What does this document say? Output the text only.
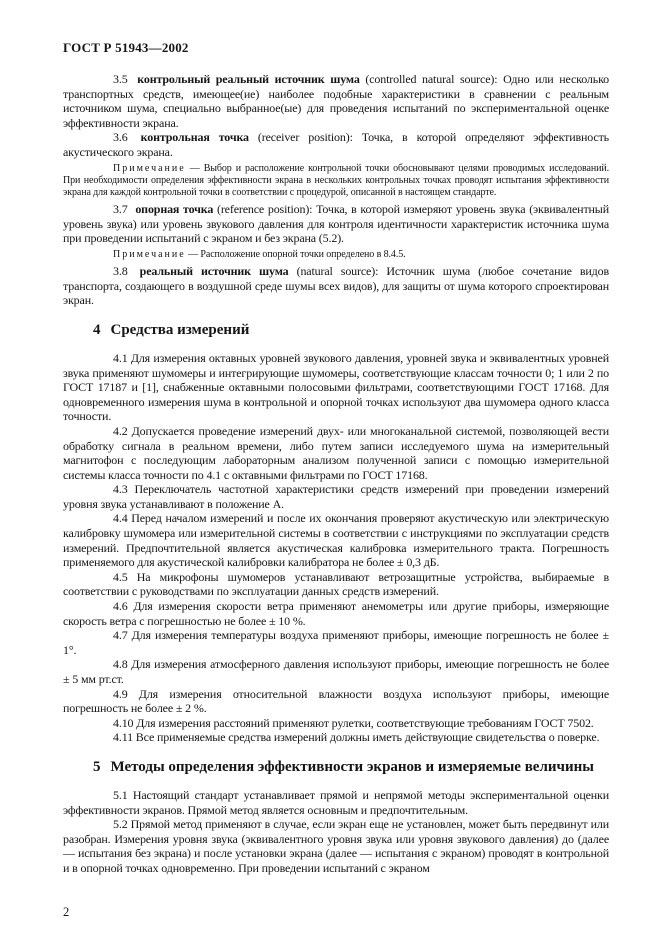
ГОСТ Р 51943—2002

3.5 контрольный реальный источник шума (controlled natural source): Одно или несколько транспортных средств, имеющее(ие) наиболее подобные характеристики в сравнении с реальным источником шума, специально выбранное(ые) для проведения испытаний по экспериментальной оценке эффективности экрана.

3.6 контрольная точка (receiver position): Точка, в которой определяют эффективность акустического экрана.

Примечание — Выбор и расположение контрольной точки обосновывают целями проводимых исследований. При необходимости определения эффективности экрана в нескольких контрольных точках проводят испытания эффективности экрана для каждой контрольной точки в соответствии с процедурой, описанной в настоящем стандарте.

3.7 опорная точка (reference position): Точка, в которой измеряют уровень звука (эквивалентный уровень звука) или уровень звукового давления для контроля идентичности характеристик источника шума при проведении испытаний с экраном и без экрана (5.2).

Примечание — Расположение опорной точки определено в 8.4.5.

3.8 реальный источник шума (natural source): Источник шума (любое сочетание видов транспорта, создающего в воздушной среде шумы всех видов), для защиты от шума которого спроектирован экран.

4 Средства измерений

4.1 Для измерения октавных уровней звукового давления, уровней звука и эквивалентных уровней звука применяют шумомеры и интегрирующие шумомеры, соответствующие классам точности 0; 1 или 2 по ГОСТ 17187 и [1], снабженные октавными полосовыми фильтрами, соответствующими ГОСТ 17168. Для одновременного измерения шума в контрольной и опорной точках используют два шумомера одного класса точности.

4.2 Допускается проведение измерений двух- или многоканальной системой, позволяющей вести обработку сигнала в реальном времени, либо путем записи исследуемого шума на измерительный магнитофон с последующим лабораторным анализом полученной записи с помощью измерительной системы класса точности по 4.1 с октавными фильтрами по ГОСТ 17168.

4.3 Переключатель частотной характеристики средств измерений при проведении измерений уровня звука устанавливают в положение А.

4.4 Перед началом измерений и после их окончания проверяют акустическую или электрическую калибровку шумомера или измерительной системы в соответствии с инструкциями по эксплуатации средств измерений. Предпочтительной является акустическая калибровка измерительного тракта. Погрешность применяемого для акустической калибровки калибратора не более ± 0,3 дБ.

4.5 На микрофоны шумомеров устанавливают ветрозащитные устройства, выбираемые в соответствии с руководствами по эксплуатации данных средств измерений.

4.6 Для измерения скорости ветра применяют анемометры или другие приборы, измеряющие скорость ветра с погрешностью не более ± 10 %.

4.7 Для измерения температуры воздуха применяют приборы, имеющие погрешность не более ± 1°.

4.8 Для измерения атмосферного давления используют приборы, имеющие погрешность не более ± 5 мм рт.ст.

4.9 Для измерения относительной влажности воздуха используют приборы, имеющие погрешность не более ± 2 %.

4.10 Для измерения расстояний применяют рулетки, соответствующие требованиям ГОСТ 7502.

4.11 Все применяемые средства измерений должны иметь действующие свидетельства о поверке.

5 Методы определения эффективности экранов и измеряемые величины

5.1 Настоящий стандарт устанавливает прямой и непрямой методы экспериментальной оценки эффективности экранов. Прямой метод является основным и предпочтительным.

5.2 Прямой метод применяют в случае, если экран еще не установлен, может быть передвинут или разобран. Измерения уровня звука (эквивалентного уровня звука или уровня звукового давления) до (далее — испытания без экрана) и после установки экрана (далее — испытания с экраном) проводят в контрольной и в опорной точках одновременно. При проведении испытаний с экраном

2
